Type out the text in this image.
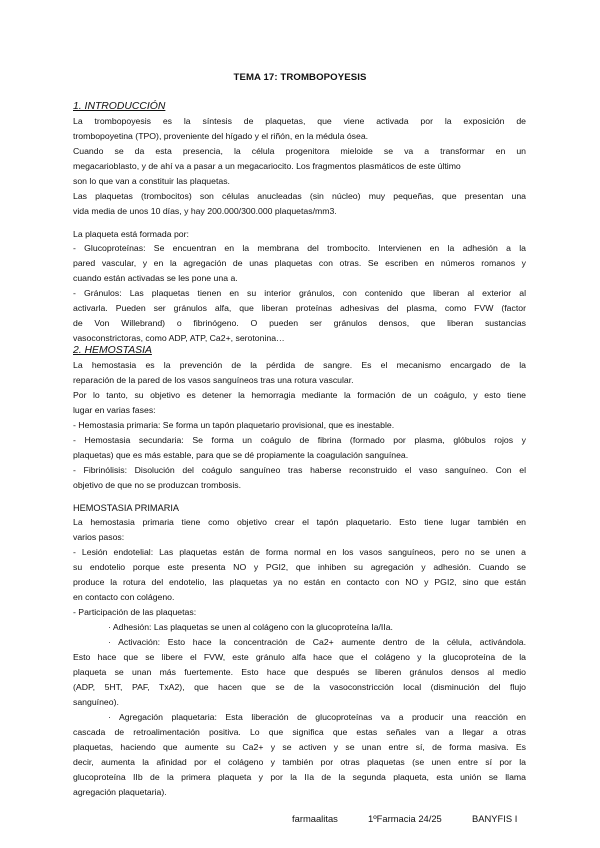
TEMA 17: TROMBOPOYESIS
1. INTRODUCCIÓN
La trombopoyesis es la síntesis de plaquetas, que viene activada por la exposición de
trombopoyetina (TPO), proveniente del hígado y el riñón, en la médula ósea.
Cuando se da esta presencia, la célula progenitora mieloide se va a transformar en un
megacarioblasto, y de ahí va a pasar a un megacariocito. Los fragmentos plasmáticos de este último
son lo que van a constituir las plaquetas.
Las plaquetas (trombocitos) son células anucleadas (sin núcleo) muy pequeñas, que presentan una
vida media de unos 10 días, y hay 200.000/300.000 plaquetas/mm3.
La plaqueta está formada por:
- Glucoproteínas: Se encuentran en la membrana del trombocito. Intervienen en la adhesión a la
pared vascular, y en la agregación de unas plaquetas con otras. Se escriben en números romanos y
cuando están activadas se les pone una a.
- Gránulos: Las plaquetas tienen en su interior gránulos, con contenido que liberan al exterior al
activarla. Pueden ser gránulos alfa, que liberan proteínas adhesivas del plasma, como FVW (factor
de Von Willebrand) o fibrinógeno. O pueden ser gránulos densos, que liberan sustancias
vasoconstrictoras, como ADP, ATP, Ca2+, serotonina…
2. HEMOSTASIA
La hemostasia es la prevención de la pérdida de sangre. Es el mecanismo encargado de la
reparación de la pared de los vasos sanguíneos tras una rotura vascular.
Por lo tanto, su objetivo es detener la hemorragia mediante la formación de un coágulo, y esto tiene
lugar en varias fases:
- Hemostasia primaria: Se forma un tapón plaquetario provisional, que es inestable.
- Hemostasia secundaria: Se forma un coágulo de fibrina (formado por plasma, glóbulos rojos y
plaquetas) que es más estable, para que se dé propiamente la coagulación sanguínea.
- Fibrinólisis: Disolución del coágulo sanguíneo tras haberse reconstruido el vaso sanguíneo. Con el
objetivo de que no se produzcan trombosis.
HEMOSTASIA PRIMARIA
La hemostasia primaria tiene como objetivo crear el tapón plaquetario. Esto tiene lugar también en
varios pasos:
- Lesión endotelial: Las plaquetas están de forma normal en los vasos sanguíneos, pero no se unen a
su endotelio porque este presenta NO y PGI2, que inhiben su agregación y adhesión. Cuando se
produce la rotura del endotelio, las plaquetas ya no están en contacto con NO y PGI2, sino que están
en contacto con colágeno.
- Participación de las plaquetas:
· Adhesión: Las plaquetas se unen al colágeno con la glucoproteína Ia/IIa.
· Activación: Esto hace la concentración de Ca2+ aumente dentro de la célula, activándola.
Esto hace que se libere el FVW, este gránulo alfa hace que el colágeno y la glucoproteína de la
plaqueta se unan más fuertemente. Esto hace que después se liberen gránulos densos al medio
(ADP, 5HT, PAF, TxA2), que hacen que se de la vasoconstricción local (disminución del flujo
sanguíneo).
· Agregación plaquetaria: Esta liberación de glucoproteínas va a producir una reacción en
cascada de retroalimentación positiva. Lo que significa que estas señales van a llegar a otras
plaquetas, haciendo que aumente su Ca2+ y se activen y se unan entre sí, de forma masiva. Es
decir, aumenta la afinidad por el colágeno y también por otras plaquetas (se unen entre sí por la
glucoproteína IIb de la primera plaqueta y por la IIa de la segunda plaqueta, esta unión se llama
agregación plaquetaria).
farmaalitas	1ºFarmacia 24/25	BANYFIS I
